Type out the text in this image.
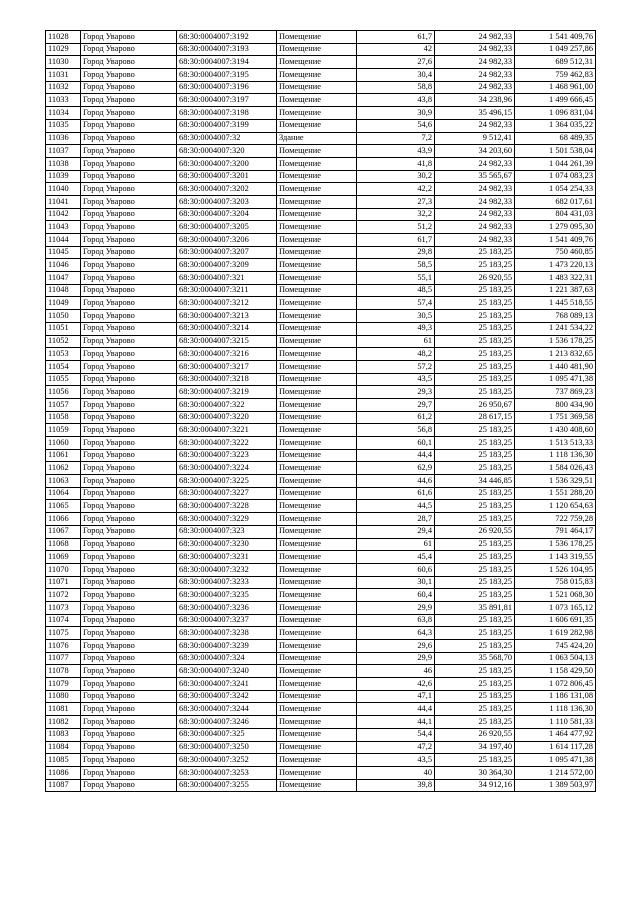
11028	Город Уварово	68:30:0004007:3192	Помещение	61,7	24 982,33	1 541 409,76
11029	Город Уварово	68:30:0004007:3193	Помещение	42	24 982,33	1 049 257,86
11030	Город Уварово	68:30:0004007:3194	Помещение	27,6	24 982,33	689 512,31
11031	Город Уварово	68:30:0004007:3195	Помещение	30,4	24 982,33	759 462,83
11032	Город Уварово	68:30:0004007:3196	Помещение	58,8	24 982,33	1 468 961,00
11033	Город Уварово	68:30:0004007:3197	Помещение	43,8	34 238,96	1 499 666,45
11034	Город Уварово	68:30:0004007:3198	Помещение	30,9	35 496,15	1 096 831,04
11035	Город Уварово	68:30:0004007:3199	Помещение	54,6	24 982,33	1 364 035,22
11036	Город Уварово	68:30:0004007:32	Здание	7,2	9 512,41	68 489,35
11037	Город Уварово	68:30:0004007:320	Помещение	43,9	34 203,60	1 501 538,04
11038	Город Уварово	68:30:0004007:3200	Помещение	41,8	24 982,33	1 044 261,39
11039	Город Уварово	68:30:0004007:3201	Помещение	30,2	35 565,67	1 074 083,23
11040	Город Уварово	68:30:0004007:3202	Помещение	42,2	24 982,33	1 054 254,33
11041	Город Уварово	68:30:0004007:3203	Помещение	27,3	24 982,33	682 017,61
11042	Город Уварово	68:30:0004007:3204	Помещение	32,2	24 982,33	804 431,03
11043	Город Уварово	68:30:0004007:3205	Помещение	51,2	24 982,33	1 279 095,30
11044	Город Уварово	68:30:0004007:3206	Помещение	61,7	24 982,33	1 541 409,76
11045	Город Уварово	68:30:0004007:3207	Помещение	29,8	25 183,25	750 460,85
11046	Город Уварово	68:30:0004007:3209	Помещение	58,5	25 183,25	1 473 220,13
11047	Город Уварово	68:30:0004007:321	Помещение	55,1	26 920,55	1 483 322,31
11048	Город Уварово	68:30:0004007:3211	Помещение	48,5	25 183,25	1 221 387,63
11049	Город Уварово	68:30:0004007:3212	Помещение	57,4	25 183,25	1 445 518,55
11050	Город Уварово	68:30:0004007:3213	Помещение	30,5	25 183,25	768 089,13
11051	Город Уварово	68:30:0004007:3214	Помещение	49,3	25 183,25	1 241 534,22
11052	Город Уварово	68:30:0004007:3215	Помещение	61	25 183,25	1 536 178,25
11053	Город Уварово	68:30:0004007:3216	Помещение	48,2	25 183,25	1 213 832,65
11054	Город Уварово	68:30:0004007:3217	Помещение	57,2	25 183,25	1 440 481,90
11055	Город Уварово	68:30:0004007:3218	Помещение	43,5	25 183,25	1 095 471,38
11056	Город Уварово	68:30:0004007:3219	Помещение	29,3	25 183,25	737 869,23
11057	Город Уварово	68:30:0004007:322	Помещение	29,7	26 950,67	800 434,90
11058	Город Уварово	68:30:0004007:3220	Помещение	61,2	28 617,15	1 751 369,58
11059	Город Уварово	68:30:0004007:3221	Помещение	56,8	25 183,25	1 430 408,60
11060	Город Уварово	68:30:0004007:3222	Помещение	60,1	25 183,25	1 513 513,33
11061	Город Уварово	68:30:0004007:3223	Помещение	44,4	25 183,25	1 118 136,30
11062	Город Уварово	68:30:0004007:3224	Помещение	62,9	25 183,25	1 584 026,43
11063	Город Уварово	68:30:0004007:3225	Помещение	44,6	34 446,85	1 536 329,51
11064	Город Уварово	68:30:0004007:3227	Помещение	61,6	25 183,25	1 551 288,20
11065	Город Уварово	68:30:0004007:3228	Помещение	44,5	25 183,25	1 120 654,63
11066	Город Уварово	68:30:0004007:3229	Помещение	28,7	25 183,25	722 759,28
11067	Город Уварово	68:30:0004007:323	Помещение	29,4	26 920,55	791 464,17
11068	Город Уварово	68:30:0004007:3230	Помещение	61	25 183,25	1 536 178,25
11069	Город Уварово	68:30:0004007:3231	Помещение	45,4	25 183,25	1 143 319,55
11070	Город Уварово	68:30:0004007:3232	Помещение	60,6	25 183,25	1 526 104,95
11071	Город Уварово	68:30:0004007:3233	Помещение	30,1	25 183,25	758 015,83
11072	Город Уварово	68:30:0004007:3235	Помещение	60,4	25 183,25	1 521 068,30
11073	Город Уварово	68:30:0004007:3236	Помещение	29,9	35 891,81	1 073 165,12
11074	Город Уварово	68:30:0004007:3237	Помещение	63,8	25 183,25	1 606 691,35
11075	Город Уварово	68:30:0004007:3238	Помещение	64,3	25 183,25	1 619 282,98
11076	Город Уварово	68:30:0004007:3239	Помещение	29,6	25 183,25	745 424,20
11077	Город Уварово	68:30:0004007:324	Помещение	29,9	35 568,70	1 063 504,13
11078	Город Уварово	68:30:0004007:3240	Помещение	46	25 183,25	1 158 429,50
11079	Город Уварово	68:30:0004007:3241	Помещение	42,6	25 183,25	1 072 806,45
11080	Город Уварово	68:30:0004007:3242	Помещение	47,1	25 183,25	1 186 131,08
11081	Город Уварово	68:30:0004007:3244	Помещение	44,4	25 183,25	1 118 136,30
11082	Город Уварово	68:30:0004007:3246	Помещение	44,1	25 183,25	1 110 581,33
11083	Город Уварово	68:30:0004007:325	Помещение	54,4	26 920,55	1 464 477,92
11084	Город Уварово	68:30:0004007:3250	Помещение	47,2	34 197,40	1 614 117,28
11085	Город Уварово	68:30:0004007:3252	Помещение	43,5	25 183,25	1 095 471,38
11086	Город Уварово	68:30:0004007:3253	Помещение	40	30 364,30	1 214 572,00
11087	Город Уварово	68:30:0004007:3255	Помещение	39,8	34 912,16	1 389 503,97
